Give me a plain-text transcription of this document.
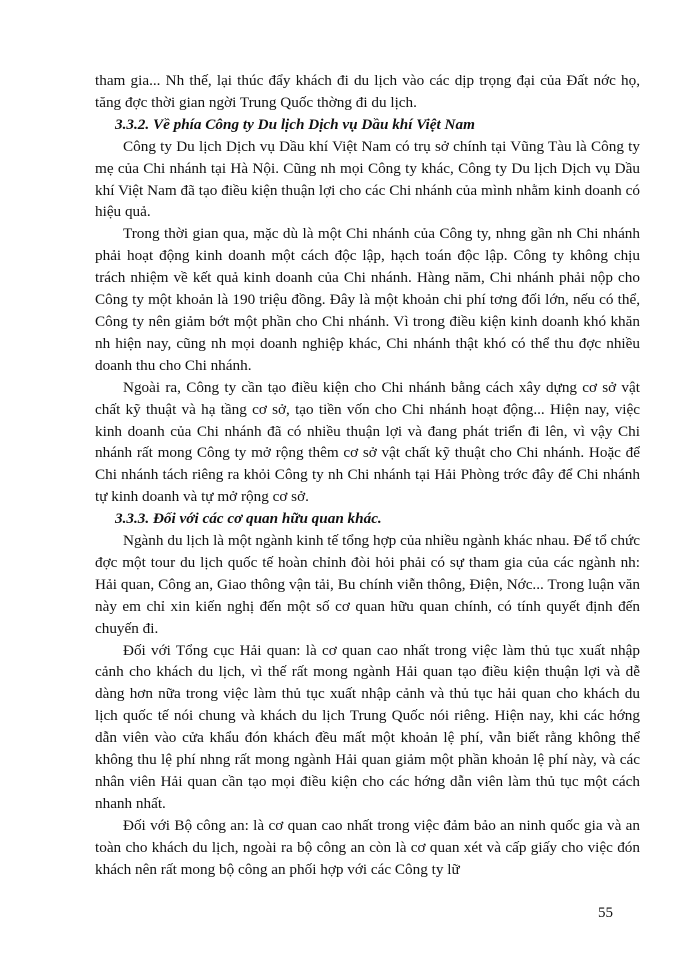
tham gia... Nh thế, lại thúc đẩy khách đi du lịch vào các dịp trọng đại của Đất nớc họ, tăng đợc thời gian ngời Trung Quốc thờng đi du lịch.

3.3.2. Về phía Công ty Du lịch Dịch vụ Dầu khí Việt Nam

Công ty Du lịch Dịch vụ Dầu khí Việt Nam có trụ sở chính tại Vũng Tàu là Công ty mẹ của Chi nhánh tại Hà Nội. Cũng nh mọi Công ty khác, Công ty Du lịch Dịch vụ Dầu khí Việt Nam đã tạo điều kiện thuận lợi cho các Chi nhánh của mình nhằm kinh doanh có hiệu quả.

Trong thời gian qua, mặc dù là một Chi nhánh của Công ty, nhng gần nh Chi nhánh phải hoạt động kinh doanh một cách độc lập, hạch toán độc lập. Công ty không chịu trách nhiệm về kết quả kinh doanh của Chi nhánh. Hàng năm, Chi nhánh phải nộp cho Công ty một khoản là 190 triệu đồng. Đây là một khoản chi phí tơng đối lớn, nếu có thể, Công ty nên giảm bớt một phần cho Chi nhánh. Vì trong điều kiện kinh doanh khó khăn nh hiện nay, cũng nh mọi doanh nghiệp khác, Chi nhánh thật khó có thể thu đợc nhiều doanh thu cho Chi nhánh.

Ngoài ra, Công ty cần tạo điều kiện cho Chi nhánh bằng cách xây dựng cơ sở vật chất kỹ thuật và hạ tầng cơ sở, tạo tiền vốn cho Chi nhánh hoạt động... Hiện nay, việc kinh doanh của Chi nhánh đã có nhiều thuận lợi và đang phát triển đi lên, vì vậy Chi nhánh rất mong Công ty mở rộng thêm cơ sở vật chất kỹ thuật cho Chi nhánh. Hoặc để Chi nhánh tách riêng ra khỏi Công ty nh Chi nhánh tại Hải Phòng trớc đây để Chi nhánh tự kinh doanh và tự mở rộng cơ sở.

3.3.3. Đối với các cơ quan hữu quan khác.

Ngành du lịch là một ngành kinh tế tổng hợp của nhiều ngành khác nhau. Để tổ chức đợc một tour du lịch quốc tế hoàn chỉnh đòi hỏi phải có sự tham gia của các ngành nh: Hải quan, Công an, Giao thông vận tải, Bu chính viễn thông, Điện, Nớc... Trong luận văn này em chỉ xin kiến nghị đến một số cơ quan hữu quan chính, có tính quyết định đến chuyến đi.

Đối với Tổng cục Hải quan: là cơ quan cao nhất trong việc làm thủ tục xuất nhập cảnh cho khách du lịch, vì thế rất mong ngành Hải quan tạo điều kiện thuận lợi và dễ dàng hơn nữa trong việc làm thủ tục xuất nhập cảnh và thủ tục hải quan cho khách du lịch quốc tế nói chung và khách du lịch Trung Quốc nói riêng. Hiện nay, khi các hớng dẫn viên vào cửa khẩu đón khách đều mất một khoản lệ phí, vẫn biết rằng không thể không thu lệ phí nhng rất mong ngành Hải quan giảm một phần khoản lệ phí này, và các nhân viên Hải quan cần tạo mọi điều kiện cho các hớng dẫn viên làm thủ tục một cách nhanh nhất.

Đối với Bộ công an: là cơ quan cao nhất trong việc đảm bảo an ninh quốc gia và an toàn cho khách du lịch, ngoài ra bộ công an còn là cơ quan xét và cấp giấy cho việc đón khách nên rất mong bộ công an phối hợp với các Công ty lữ

55
